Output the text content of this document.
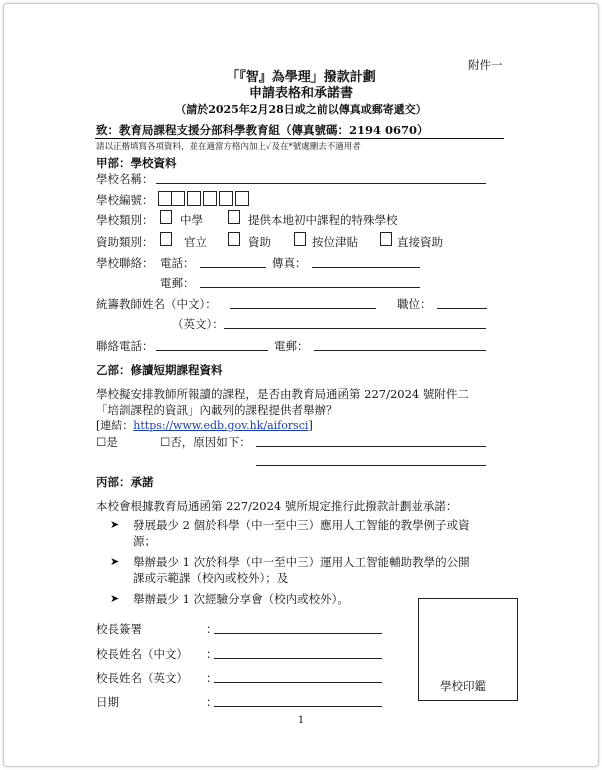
附件一
「『智』為學理」撥款計劃
申請表格和承諾書
（請於2025年2月28日或之前以傳真或郵寄遞交）
致：教育局課程支援分部科學教育組（傳真號碼：2194 0670）
請以正楷填寫各項資料，並在適當方格內加上✓及在*號處刪去不適用者
甲部：學校資料
學校名稱：
學校編號：
學校類別： 中學	提供本地初中課程的特殊學校
資助類別：	官立	資助	按位津貼	直接資助
學校聯絡： 電話：	傳真：
電郵：
統籌教師姓名（中文）：	職位：
（英文）：
聯絡電話：	電郵：
乙部：修讀短期課程資料
學校擬安排教師所報讀的課程，是否由教育局通函第 227/2024 號附件二
「培訓課程的資訊」內載列的課程提供者舉辦？
[連結：https://www.edb.gov.hk/aiforsci]
☐是	☐否，原因如下：
丙部：承諾
本校會根據教育局通函第 227/2024 號所規定推行此撥款計劃並承諾：
➤ 發展最少 2 個於科學（中一至中三）應用人工智能的教學例子或資
源；
➤ 舉辦最少 1 次於科學（中一至中三）運用人工智能輔助教學的公開
課或示範課（校內或校外）；及
➤ 舉辦最少 1 次經驗分享會（校内或校外）。
校長簽署	：
校長姓名（中文） ：
校長姓名（英文） ：
日期	：
學校印鑑
1
